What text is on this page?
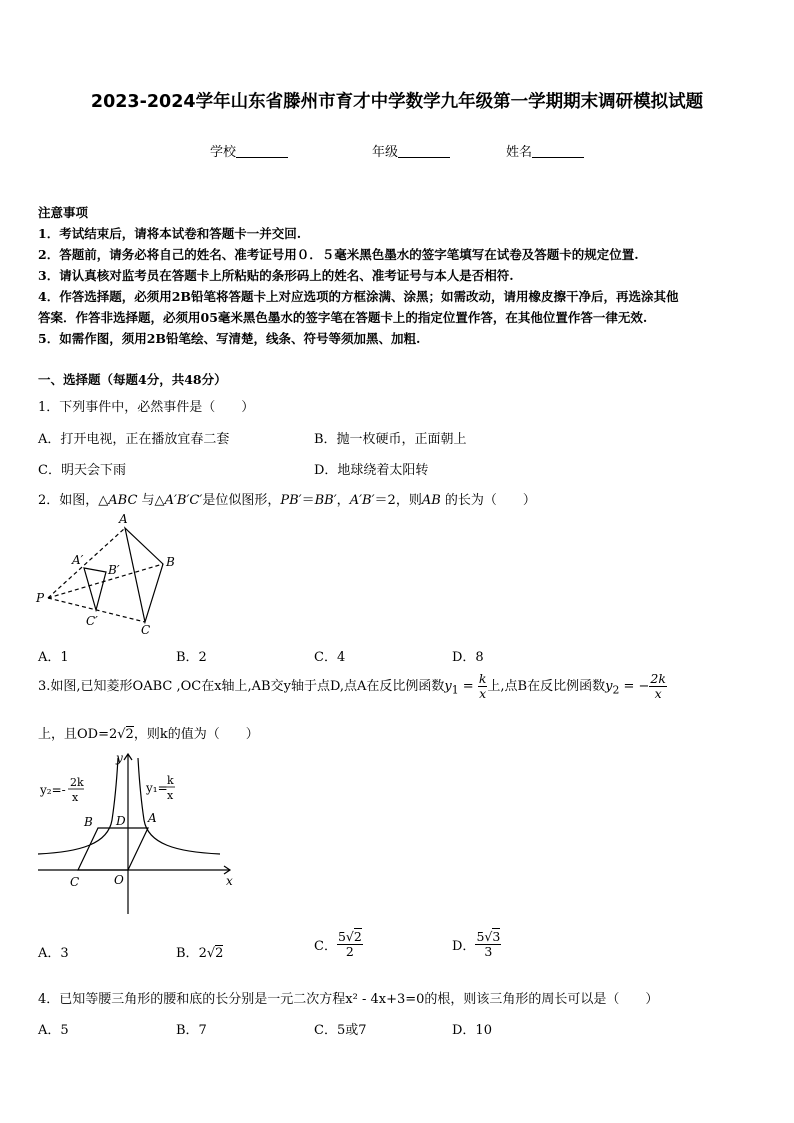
2023-2024学年山东省滕州市育才中学数学九年级第一学期期末调研模拟试题
学校	年级	姓名
注意事项
1．考试结束后，请将本试卷和答题卡一并交回.
2．答题前，请务必将自己的姓名、准考证号用０．５毫米黑色墨水的签字笔填写在试卷及答题卡的规定位置.
3．请认真核对监考员在答题卡上所粘贴的条形码上的姓名、准考证号与本人是否相符.
4．作答选择题，必须用2B铅笔将答题卡上对应选项的方框涂满、涂黑；如需改动，请用橡皮擦干净后，再选涂其他
答案．作答非选择题，必须用05毫米黑色墨水的签字笔在答题卡上的指定位置作答，在其他位置作答一律无效.
5．如需作图，须用2B铅笔绘、写清楚，线条、符号等须加黑、加粗.
一、选择题（每题4分，共48分）
1．下列事件中，必然事件是（　　）
A．打开电视，正在播放宜春二套	B．抛一枚硬币，正面朝上
C．明天会下雨	D．地球绕着太阳转
2．如图，△ABC 与△A′B′C′是位似图形，PB′＝BB′，A′B′＝2，则AB 的长为（　　）
A
A′	B
B′
C
C′
P
A．1	B．2	C．4	D．8
3.如图,已知菱形OABC ,OC在x轴上,AB交y轴于点D,点A在反比例函数$y_1 = \frac{k}{x}$ 上,点B在反比例函数$y_2$ = − $\frac{2k}{x}$
上，且OD=2√2，则k的值为（　　）
y₂=-
2k
x
y₁=
k
x
y
x
B D A
C	O
A．3	B．2√2	C． $\frac{5√2}{2}$	D． $\frac{5√3}{3}$
4．已知等腰三角形的腰和底的长分别是一元二次方程x² - 4x+3=0的根，则该三角形的周长可以是（　　）
A．5	B．7	C．5或7	D．10
